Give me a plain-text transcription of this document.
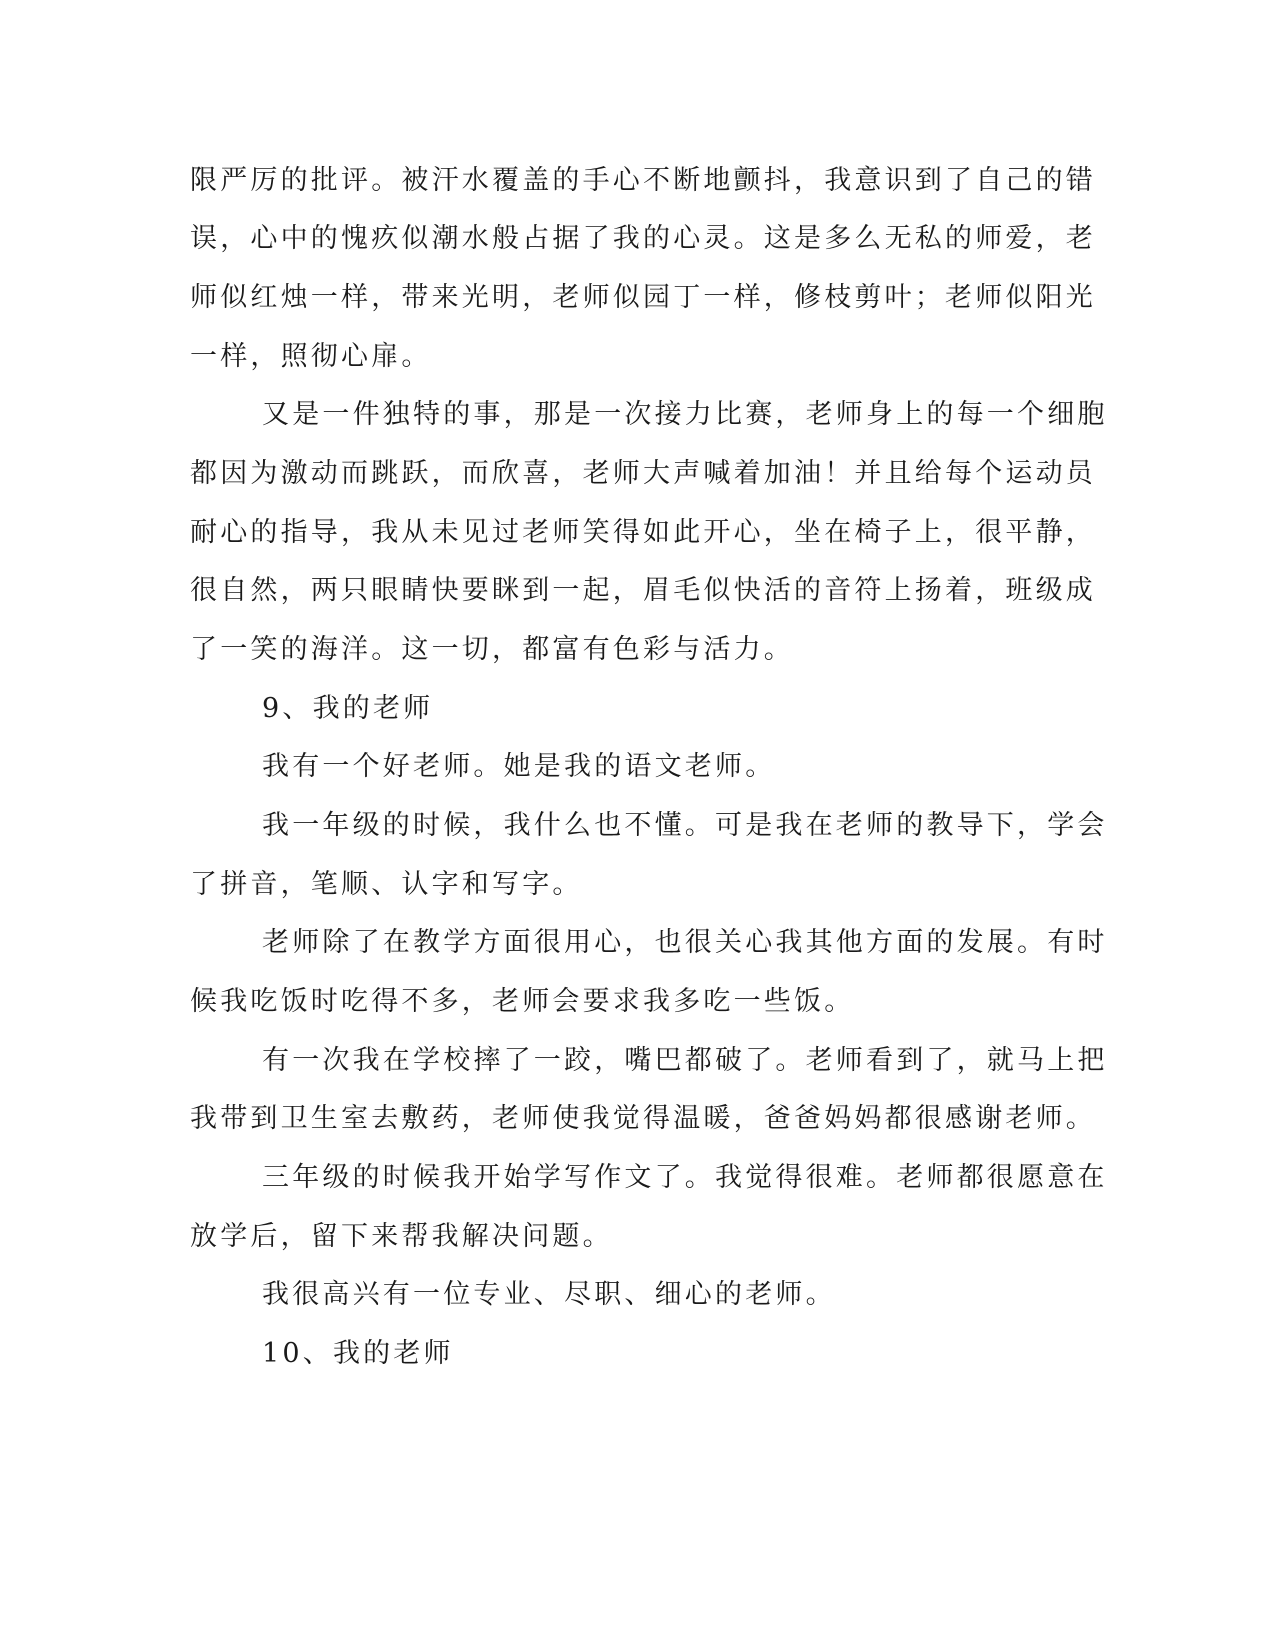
限严厉的批评。被汗水覆盖的手心不断地颤抖，我意识到了自己的错
误，心中的愧疚似潮水般占据了我的心灵。这是多么无私的师爱，老
师似红烛一样，带来光明，老师似园丁一样，修枝剪叶；老师似阳光
一样，照彻心扉。
又是一件独特的事，那是一次接力比赛，老师身上的每一个细胞
都因为激动而跳跃，而欣喜，老师大声喊着加油！并且给每个运动员
耐心的指导，我从未见过老师笑得如此开心，坐在椅子上，很平静，
很自然，两只眼睛快要眯到一起，眉毛似快活的音符上扬着，班级成
了一笑的海洋。这一切，都富有色彩与活力。
9、我的老师
我有一个好老师。她是我的语文老师。
我一年级的时候，我什么也不懂。可是我在老师的教导下，学会
了拼音，笔顺、认字和写字。
老师除了在教学方面很用心，也很关心我其他方面的发展。有时
候我吃饭时吃得不多，老师会要求我多吃一些饭。
有一次我在学校摔了一跤，嘴巴都破了。老师看到了，就马上把
我带到卫生室去敷药，老师使我觉得温暖，爸爸妈妈都很感谢老师。
三年级的时候我开始学写作文了。我觉得很难。老师都很愿意在
放学后，留下来帮我解决问题。
我很高兴有一位专业、尽职、细心的老师。
10、我的老师
